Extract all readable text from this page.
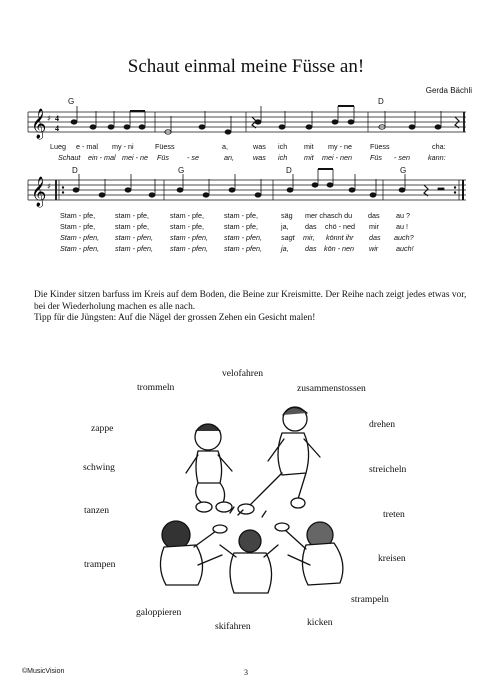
Schaut einmal meine Füsse an!
Gerda Bächli
𝄞 ♯ 4
4
𝄞 ♯
G	D
D	G	D	G
Lueg e - mal my - ni	Füess	a,	was ich mit my - ne	Füess	cha:
Schaut ein - mal mei - ne Füs	- se	an,	was ich mit mei - nen	Füs - sen	kann:
Stam - pfe,	stam - pfe,	stam - pfe,	stam - pfe,	säg mer chasch du das au ?
Stam - pfe,	stam - pfe,	stam - pfe,	stam - pfe,	ja, das chö - ned mir au !
Stam - pfen, stam - pfen, stam - pfen, stam - pfen,	sagt mir, könnt ihr das auch?
Stam - pfen, stam - pfen, stam - pfen, stam - pfen,	ja, das kön - nen wir auch!
Die Kinder sitzen barfuss im Kreis auf dem Boden, die Beine zur Kreismitte. Der Reihe nach zeigt jedes etwas vor, bei der Wiederholung machen es alle nach.
Tipp für die Jüngsten: Auf die Nägel der grossen Zehen ein Gesicht malen!
velofahren
trommeln	zusammenstossen
zappe	drehen
schwing	streicheln
tanzen	treten
trampen
kreisen
strampeln
galoppieren
skifahren	kicken
©MusicVision	3
